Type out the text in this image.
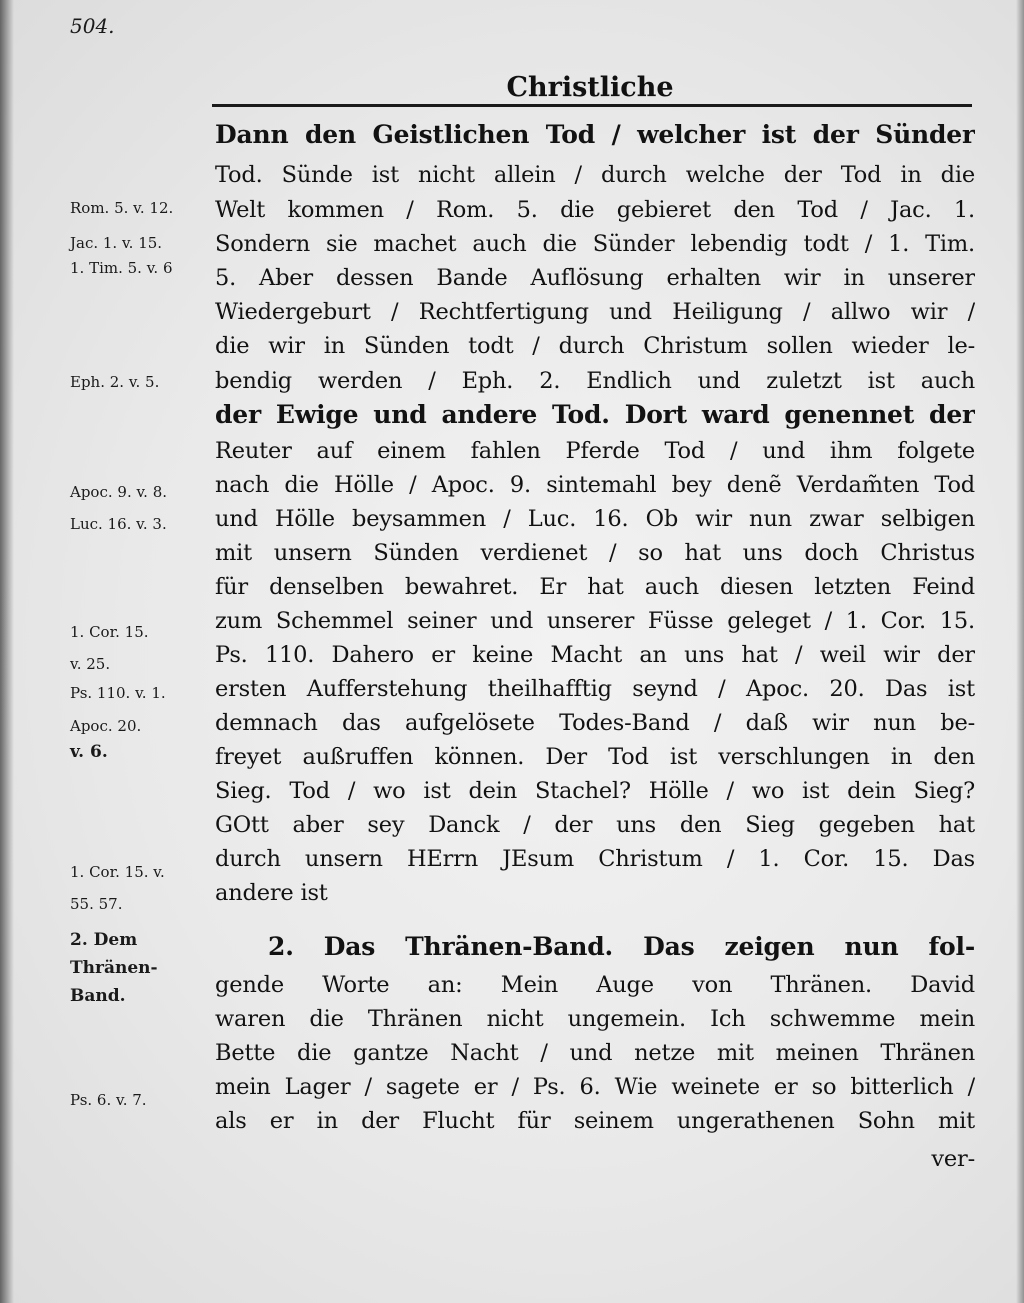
504.
Christliche

Dann den Geistlichen Tod / welcher ist der Sünder

Tod. Sünde ist nicht allein / durch welche der Tod in die

Welt kommen / Rom. 5. die gebieret den Tod / Jac. 1.

Sondern sie machet auch die Sünder lebendig todt / 1. Tim.

5. Aber dessen Bande Auflösung erhalten wir in unserer

Wiedergeburt / Rechtfertigung und Heiligung / allwo wir /

die wir in Sünden todt / durch Christum sollen wieder le-

bendig werden / Eph. 2. Endlich und zuletzt ist auch

der Ewige und andere Tod. Dort ward genennet der

Reuter auf einem fahlen Pferde Tod / und ihm folgete

nach die Hölle / Apoc. 9. sintemahl bey denẽ Verdam̃ten Tod

und Hölle beysammen / Luc. 16. Ob wir nun zwar selbigen

mit unsern Sünden verdienet / so hat uns doch Christus

für denselben bewahret. Er hat auch diesen letzten Feind

zum Schemmel seiner und unserer Füsse geleget / 1. Cor. 15.

Ps. 110. Dahero er keine Macht an uns hat / weil wir der

ersten Aufferstehung theilhafftig seynd / Apoc. 20. Das ist

demnach das aufgelösete Todes-Band / daß wir nun be-

freyet außruffen können. Der Tod ist verschlungen in den

Sieg. Tod / wo ist dein Stachel? Hölle / wo ist dein Sieg?

GOtt aber sey Danck / der uns den Sieg gegeben hat

durch unsern HErrn JEsum Christum / 1. Cor. 15. Das

andere ist

2. Das Thränen-Band. Das zeigen nun fol-

gende Worte an: Mein Auge von Thränen. David

waren die Thränen nicht ungemein. Ich schwemme mein

Bette die gantze Nacht / und netze mit meinen Thränen

mein Lager / sagete er / Ps. 6. Wie weinete er so bitterlich /

als er in der Flucht für seinem ungerathenen Sohn mit

ver-

Rom. 5. v. 12.

Jac. 1. v. 15.

1. Tim. 5. v. 6

Eph. 2. v. 5.

Apoc. 9. v. 8.

Luc. 16. v. 3.

1. Cor. 15.

v. 25.

Ps. 110. v. 1.

Apoc. 20.

v. 6.

1. Cor. 15. v.

55. 57.

2. Dem

Thränen-

Band.

Ps. 6. v. 7.
